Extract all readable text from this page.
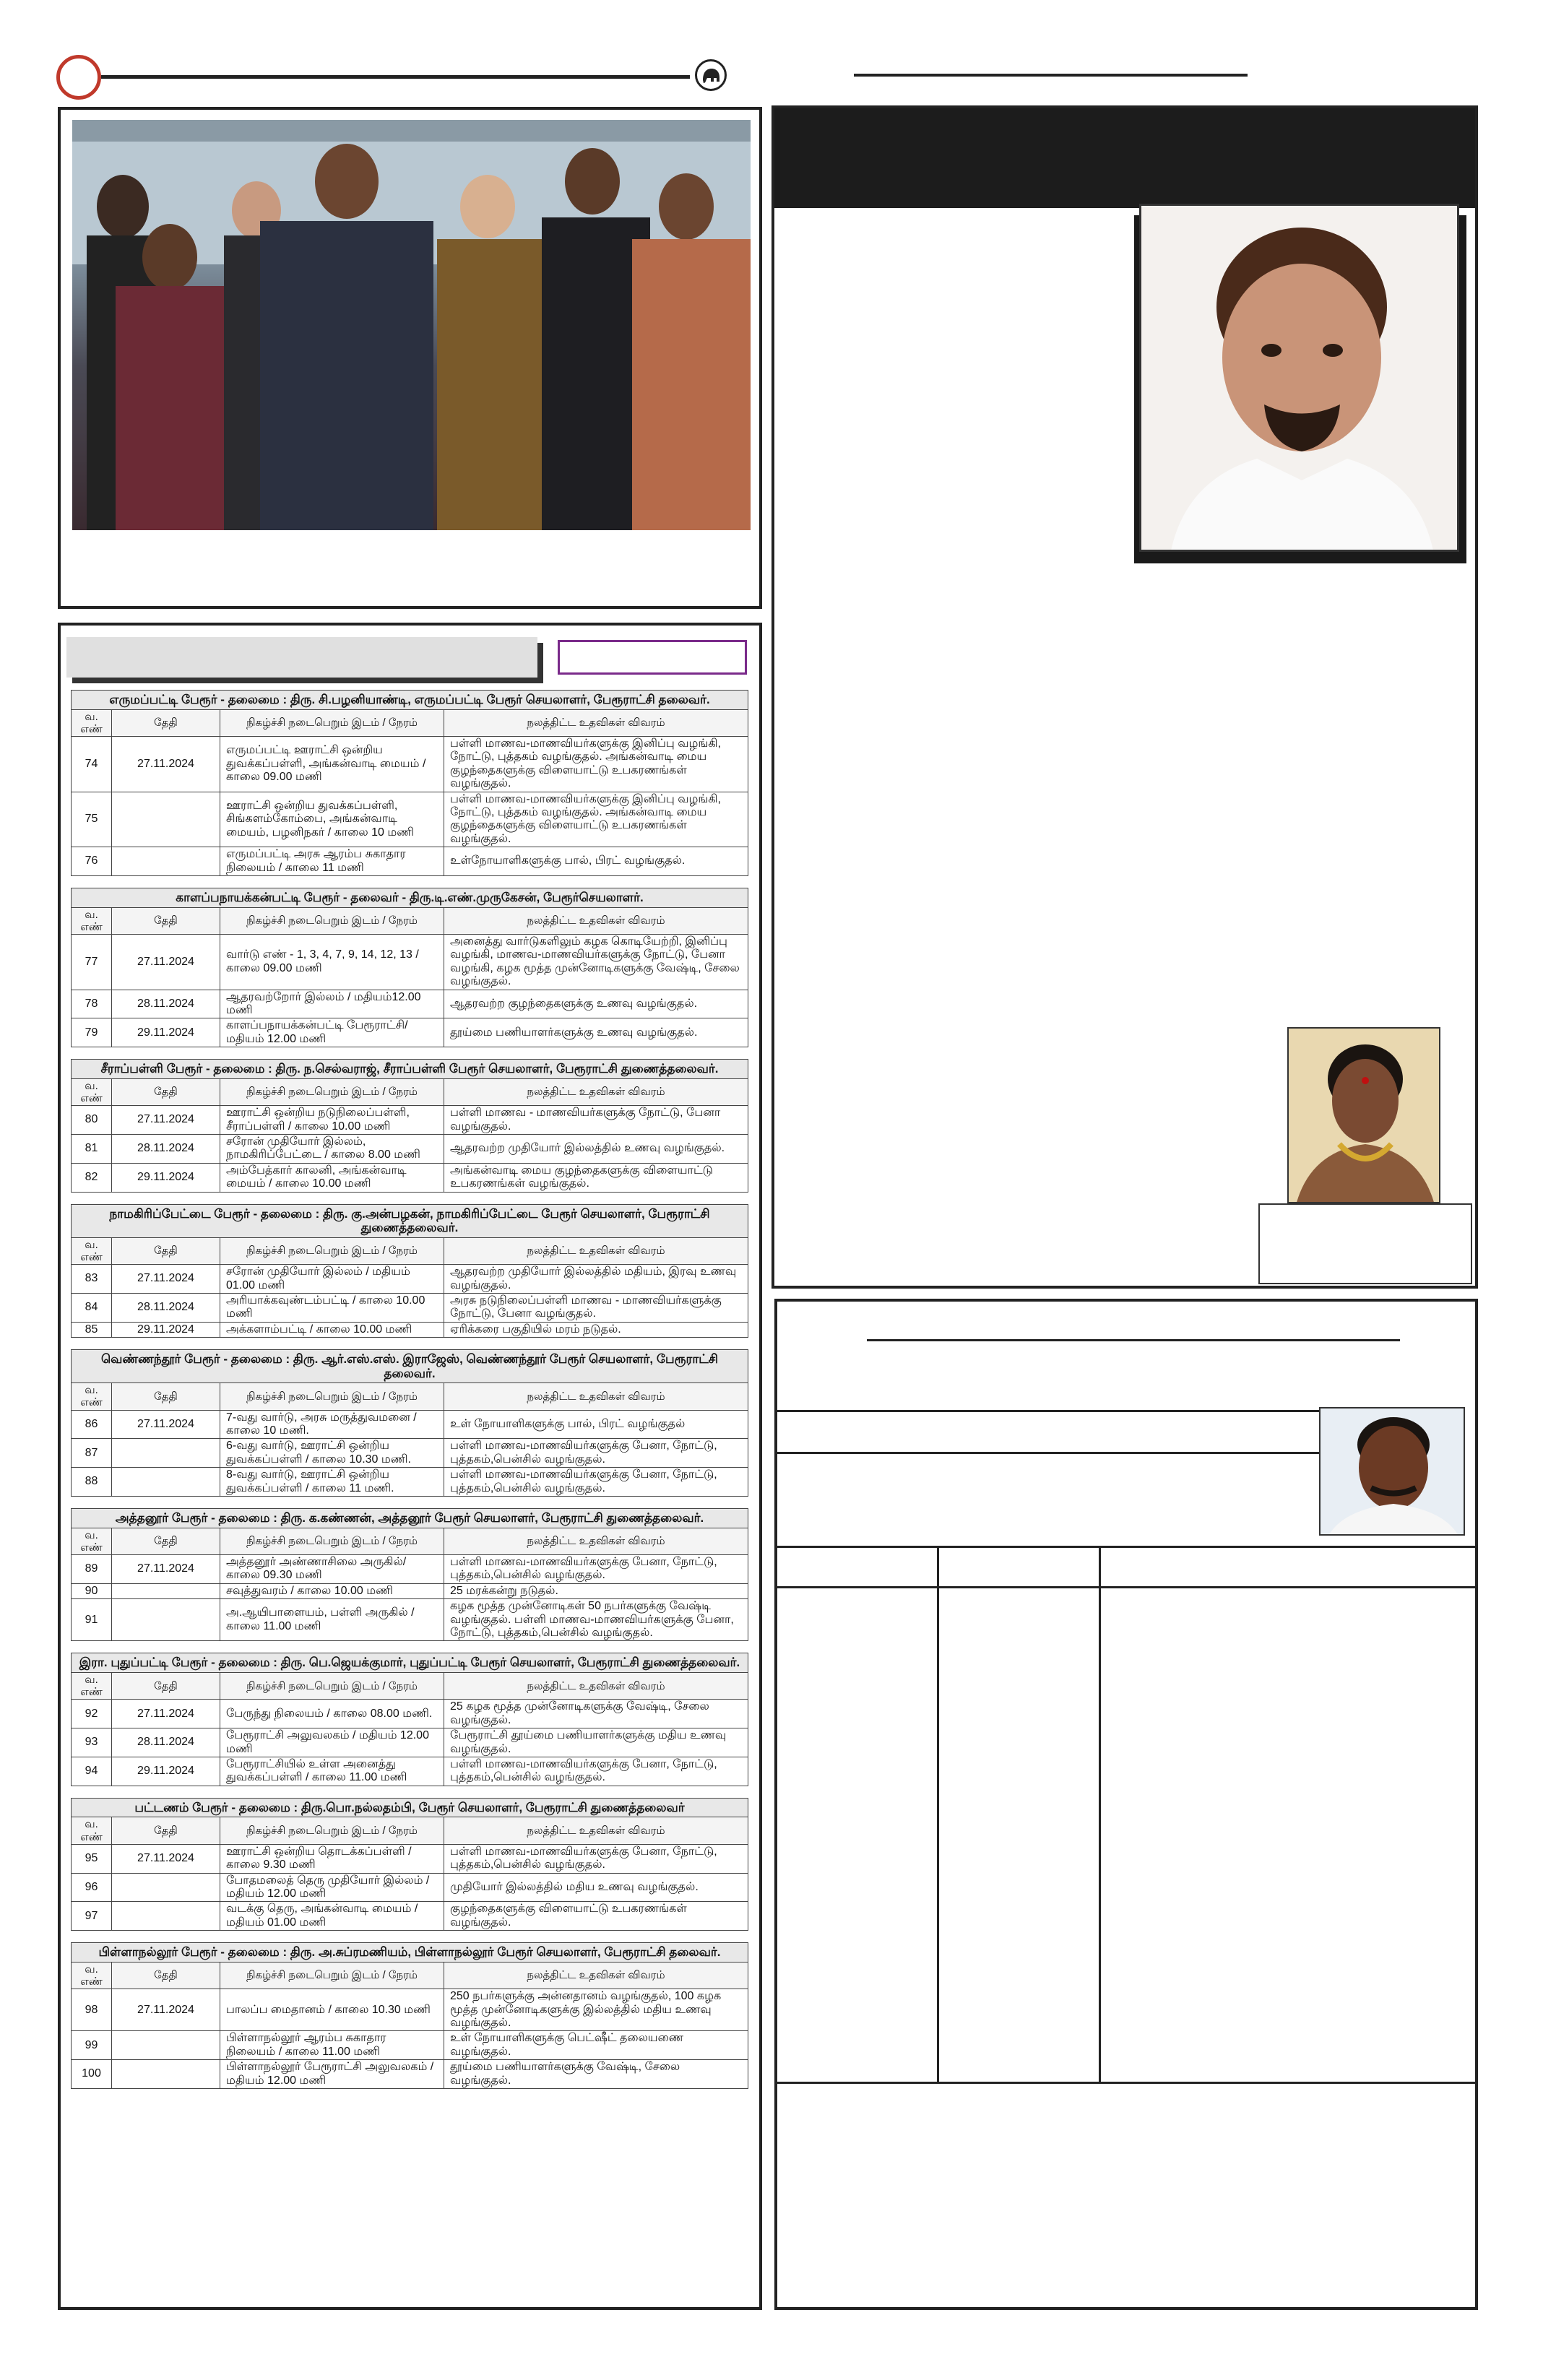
எருமப்பட்டி பேரூர் - தலைமை : திரு. சி.பழனியாண்டி, எருமப்பட்டி பேரூர் செயலாளர், பேரூராட்சி தலைவர்.			
வ. எண்	தேதி	நிகழ்ச்சி நடைபெறும் இடம் / நேரம்	நலத்திட்ட உதவிகள் விவரம்
74	27.11.2024	எருமப்பட்டி ஊராட்சி ஒன்றிய துவக்கப்பள்ளி, அங்கன்வாடி மையம் / காலை 09.00 மணி	பள்ளி மாணவ-மாணவியர்களுக்கு இனிப்பு வழங்கி, நோட்டு, புத்தகம் வழங்குதல். அங்கன்வாடி மைய குழந்தைகளுக்கு விளையாட்டு உபகரணங்கள் வழங்குதல்.
75		ஊராட்சி ஒன்றிய துவக்கப்பள்ளி, சிங்களம்கோம்பை, அங்கன்வாடி மையம், பழனிநகர் / காலை 10 மணி	பள்ளி மாணவ-மாணவியர்களுக்கு இனிப்பு வழங்கி, நோட்டு, புத்தகம் வழங்குதல். அங்கன்வாடி மைய குழந்தைகளுக்கு விளையாட்டு உபகரணங்கள் வழங்குதல்.
76		எருமப்பட்டி அரசு ஆரம்ப சுகாதார நிலையம் / காலை 11 மணி	உள்நோயாளிகளுக்கு பால், பிரட் வழங்குதல்.
காளப்பநாயக்கன்பட்டி பேரூர் - தலைவர் - திரு.டி.எண்.முருகேசன், பேரூர்செயலாளர்.			
வ. எண்	தேதி	நிகழ்ச்சி நடைபெறும் இடம் / நேரம்	நலத்திட்ட உதவிகள் விவரம்
77	27.11.2024	வார்டு எண் - 1, 3, 4, 7, 9, 14, 12, 13 / காலை 09.00 மணி	அனைத்து வார்டுகளிலும் கழக கொடியேற்றி, இனிப்பு வழங்கி, மாணவ-மாணவியர்களுக்கு நோட்டு, பேனா வழங்கி, கழக மூத்த முன்னோடிகளுக்கு வேஷ்டி, சேலை வழங்குதல்.
78	28.11.2024	ஆதரவற்றோர் இல்லம் / மதியம்12.00 மணி	ஆதரவற்ற குழந்தைகளுக்கு உணவு வழங்குதல்.
79	29.11.2024	காளப்பநாயக்கன்பட்டி பேரூராட்சி/ மதியம் 12.00 மணி	தூய்மை பணியாளர்களுக்கு உணவு வழங்குதல்.
சீராப்பள்ளி பேரூர் - தலைமை : திரு. ந.செல்வராஜ், சீராப்பள்ளி பேரூர் செயலாளர், பேரூராட்சி துணைத்தலைவர்.			
வ. எண்	தேதி	நிகழ்ச்சி நடைபெறும் இடம் / நேரம்	நலத்திட்ட உதவிகள் விவரம்
80	27.11.2024	ஊராட்சி ஒன்றிய நடுநிலைப்பள்ளி, சீராப்பள்ளி / காலை 10.00 மணி	பள்ளி மாணவ - மாணவியர்களுக்கு நோட்டு, பேனா வழங்குதல்.
81	28.11.2024	சரோன் முதியோர் இல்லம், நாமகிரிப்பேட்டை / காலை 8.00 மணி	ஆதரவற்ற முதியோர் இல்லத்தில் உணவு வழங்குதல்.
82	29.11.2024	அம்பேத்கார் காலனி, அங்கன்வாடி மையம் / காலை 10.00 மணி	அங்கன்வாடி மைய குழந்தைகளுக்கு விளையாட்டு உபகரணங்கள் வழங்குதல்.
நாமகிரிப்பேட்டை பேரூர் - தலைமை : திரு. கு.அன்பழகன், நாமகிரிப்பேட்டை பேரூர் செயலாளர், பேரூராட்சி துணைத்தலைவர்.			
வ. எண்	தேதி	நிகழ்ச்சி நடைபெறும் இடம் / நேரம்	நலத்திட்ட உதவிகள் விவரம்
83	27.11.2024	சரோன் முதியோர் இல்லம் / மதியம் 01.00 மணி	ஆதரவற்ற முதியோர் இல்லத்தில் மதியம், இரவு உணவு வழங்குதல்.
84	28.11.2024	அரியாக்கவுண்டம்பட்டி / காலை 10.00 மணி	அரசு நடுநிலைப்பள்ளி மாணவ - மாணவியர்களுக்கு நோட்டு, பேனா வழங்குதல்.
85	29.11.2024	அக்களாம்பட்டி / காலை 10.00 மணி	ஏரிக்கரை பகுதியில் மரம் நடுதல்.
வெண்ணந்தூர் பேரூர் - தலைமை : திரு. ஆர்.எஸ்.எஸ். இராஜேஸ், வெண்ணந்தூர் பேரூர் செயலாளர், பேரூராட்சி தலைவர்.			
வ. எண்	தேதி	நிகழ்ச்சி நடைபெறும் இடம் / நேரம்	நலத்திட்ட உதவிகள் விவரம்
86	27.11.2024	7-வது வார்டு, அரசு மருத்துவமனை / காலை 10 மணி.	உள் நோயாளிகளுக்கு பால், பிரட் வழங்குதல்
87		6-வது வார்டு, ஊராட்சி ஒன்றிய துவக்கப்பள்ளி / காலை 10.30 மணி.	பள்ளி மாணவ-மாணவியர்களுக்கு பேனா, நோட்டு, புத்தகம்,பென்சில் வழங்குதல்.
88		8-வது வார்டு, ஊராட்சி ஒன்றிய துவக்கப்பள்ளி / காலை 11 மணி.	பள்ளி மாணவ-மாணவியர்களுக்கு பேனா, நோட்டு, புத்தகம்,பென்சில் வழங்குதல்.
அத்தனூர் பேரூர் - தலைமை : திரு. க.கண்ணன், அத்தனூர் பேரூர் செயலாளர், பேரூராட்சி துணைத்தலைவர்.			
வ. எண்	தேதி	நிகழ்ச்சி நடைபெறும் இடம் / நேரம்	நலத்திட்ட உதவிகள் விவரம்
89	27.11.2024	அத்தனூர் அண்ணாசிலை அருகில்/காலை 09.30 மணி	பள்ளி மாணவ-மாணவியர்களுக்கு பேனா, நோட்டு, புத்தகம்,பென்சில் வழங்குதல்.
90		சவுத்துவரம் / காலை 10.00 மணி	25 மரக்கன்று நடுதல்.
91		அ.ஆயிபாளையம், பள்ளி அருகில் / காலை 11.00 மணி	கழக மூத்த முன்னோடிகள் 50 நபர்களுக்கு வேஷ்டி வழங்குதல். பள்ளி மாணவ-மாணவியர்களுக்கு பேனா, நோட்டு, புத்தகம்,பென்சில் வழங்குதல்.
இரா. புதுப்பட்டி பேரூர் - தலைமை : திரு. பெ.ஜெயக்குமார், புதுப்பட்டி பேரூர் செயலாளர், பேரூராட்சி துணைத்தலைவர்.			
வ. எண்	தேதி	நிகழ்ச்சி நடைபெறும் இடம் / நேரம்	நலத்திட்ட உதவிகள் விவரம்
92	27.11.2024	பேருந்து நிலையம் / காலை 08.00 மணி.	25 கழக மூத்த முன்னோடிகளுக்கு வேஷ்டி, சேலை வழங்குதல்.
93	28.11.2024	பேரூராட்சி அலுவலகம் / மதியம் 12.00 மணி	பேரூராட்சி தூய்மை பணியாளர்களுக்கு மதிய உணவு வழங்குதல்.
94	29.11.2024	பேரூராட்சியில் உள்ள அனைத்து துவக்கப்பள்ளி / காலை 11.00 மணி	பள்ளி மாணவ-மாணவியர்களுக்கு பேனா, நோட்டு, புத்தகம்,பென்சில் வழங்குதல்.
பட்டணம் பேரூர் - தலைமை : திரு.பொ.நல்லதம்பி, பேரூர் செயலாளர், பேரூராட்சி துணைத்தலைவர்			
வ. எண்	தேதி	நிகழ்ச்சி நடைபெறும் இடம் / நேரம்	நலத்திட்ட உதவிகள் விவரம்
95	27.11.2024	ஊராட்சி ஒன்றிய தொடக்கப்பள்ளி / காலை 9.30 மணி	பள்ளி மாணவ-மாணவியர்களுக்கு பேனா, நோட்டு, புத்தகம்,பென்சில் வழங்குதல்.
96		போதமலைத் தெரு முதியோர் இல்லம் / மதியம் 12.00 மணி	முதியோர் இல்லத்தில் மதிய உணவு வழங்குதல்.
97		வடக்கு தெரு, அங்கன்வாடி மையம் / மதியம் 01.00 மணி	குழந்தைகளுக்கு விளையாட்டு உபகரணங்கள் வழங்குதல்.
பிள்ளாநல்லூர் பேரூர் - தலைமை : திரு. அ.சுப்ரமணியம், பிள்ளாநல்லூர் பேரூர் செயலாளர், பேரூராட்சி தலைவர்.			
வ. எண்	தேதி	நிகழ்ச்சி நடைபெறும் இடம் / நேரம்	நலத்திட்ட உதவிகள் விவரம்
98	27.11.2024	பாலப்ப மைதானம் / காலை 10.30 மணி	250 நபர்களுக்கு அன்னதானம் வழங்குதல், 100 கழக மூத்த முன்னோடிகளுக்கு இல்லத்தில் மதிய உணவு வழங்குதல்.
99		பிள்ளாநல்லூர் ஆரம்ப சுகாதார நிலையம் / காலை 11.00 மணி	உள் நோயாளிகளுக்கு பெட்ஷீட் தலையணை வழங்குதல்.
100		பிள்ளாநல்லூர் பேரூராட்சி அலுவலகம் / மதியம் 12.00 மணி	தூய்மை பணியாளர்களுக்கு வேஷ்டி, சேலை வழங்குதல்.
